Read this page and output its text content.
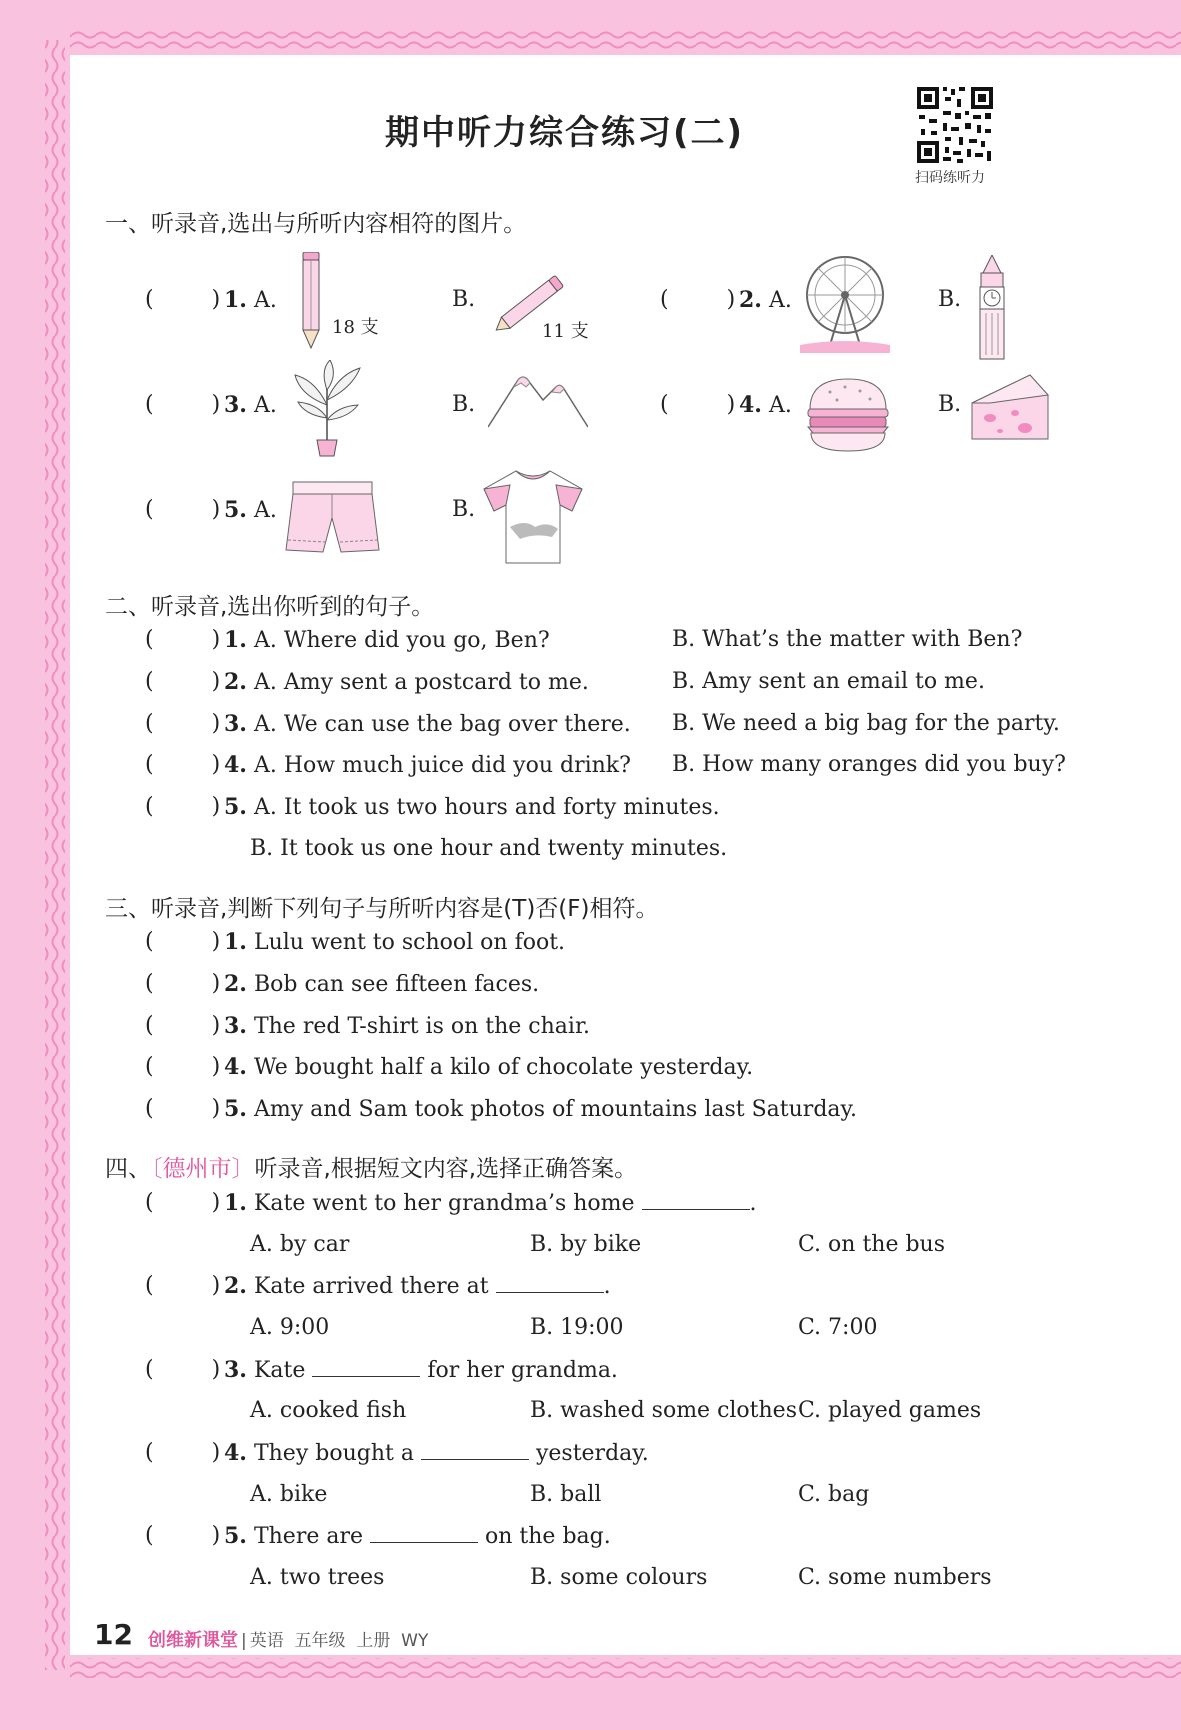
期中听力综合练习(二)
扫码练听力
一、听录音,选出与所听内容相符的图片。
(	) 1. A.
18 支
B.
11 支
(	) 2. A.	B.
(	) 3. A.	B.	(	) 4. A.	B.
(	) 5. A.	B.
二、听录音,选出你听到的句子。
(	) 1. A. Where did you go, Ben?	B. What’s the matter with Ben?
(	) 2. A. Amy sent a postcard to me.	B. Amy sent an email to me.
(	) 3. A. We can use the bag over there. B. We need a big bag for the party.
(	) 4. A. How much juice did you drink? B. How many oranges did you buy?
(	) 5. A. It took us two hours and forty minutes.
B. It took us one hour and twenty minutes.
三、听录音,判断下列句子与所听内容是(T)否(F)相符。
(	) 1. Lulu went to school on foot.
(	) 2. Bob can see fifteen faces.
(	) 3. The red T-shirt is on the chair.
(	) 4. We bought half a kilo of chocolate yesterday.
(	) 5. Amy and Sam took photos of mountains last Saturday.
四、〔德州市〕听录音,根据短文内容,选择正确答案。
(	) 1. Kate went to her grandma’s home	.
A. by car	B. by bike	C. on the bus
(	) 2. Kate arrived there at	.
A. 9:00	B. 19:00	C. 7:00
(	) 3. Kate	for her grandma.
A. cooked fish	B. washed some clothes C. played games
(	) 4. They bought a	yesterday.
A. bike	B. ball	C. bag
(	) 5. There are	on the bag.
A. two trees	B. some colours	C. some numbers
12 创维新课堂 | 英语  五年级  上册  WY
